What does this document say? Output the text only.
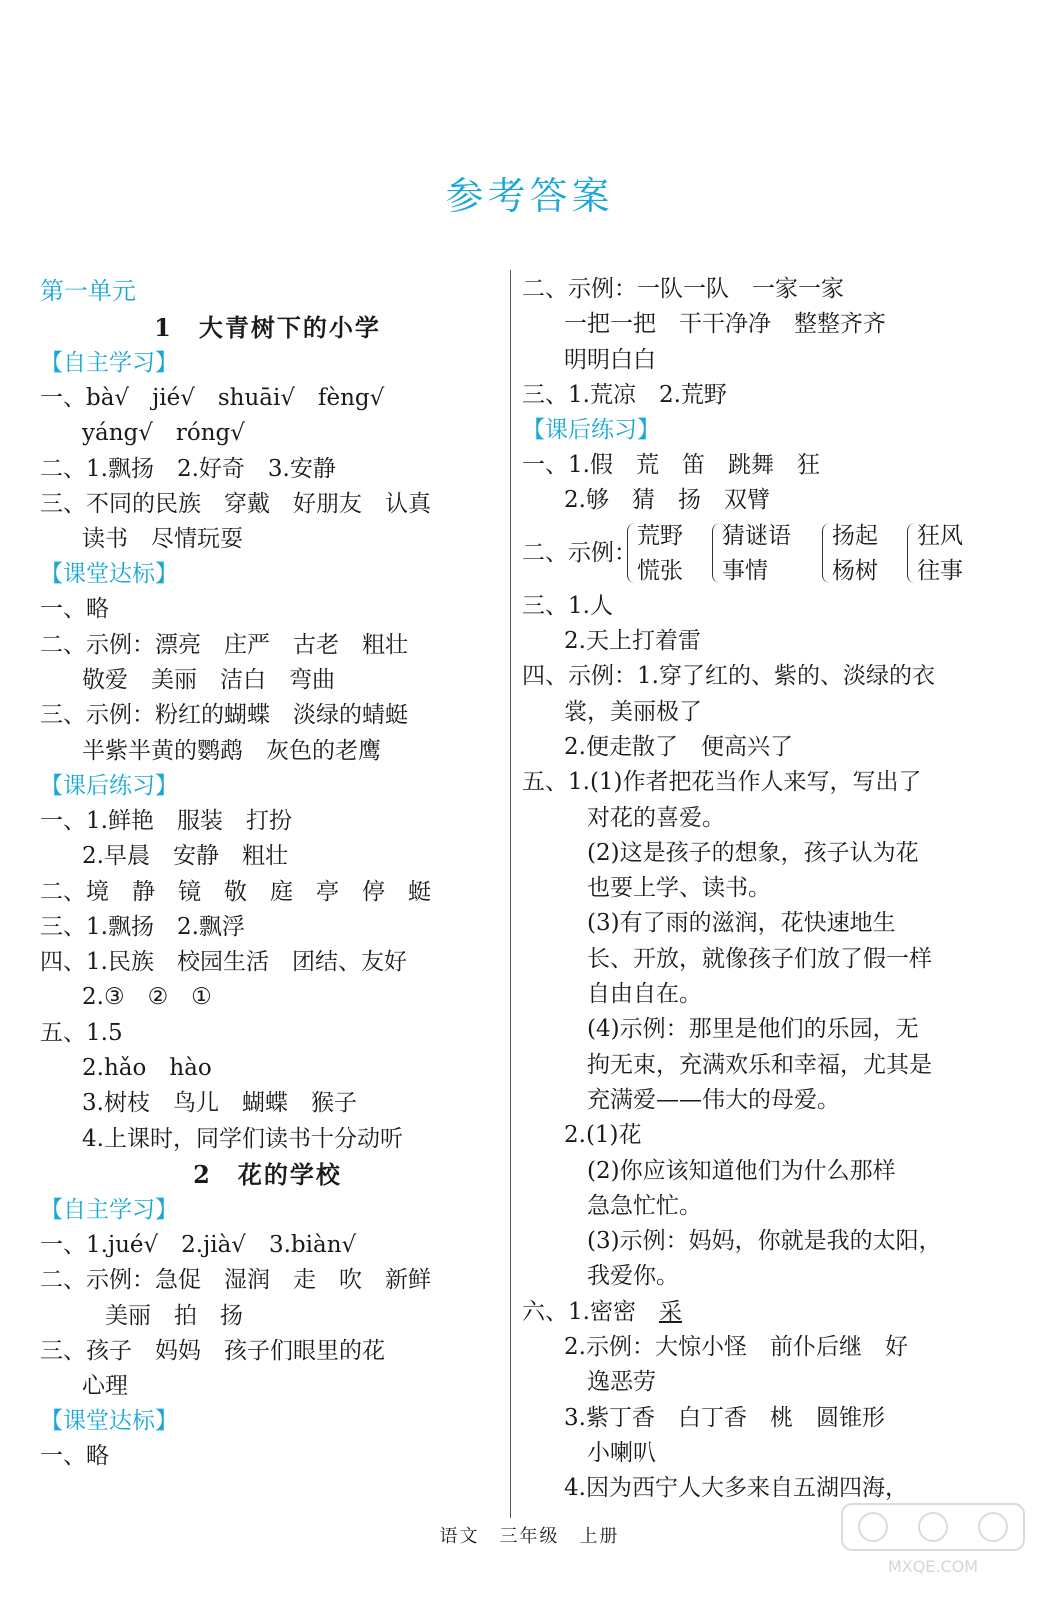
参考答案
第一单元
1　大青树下的小学
【自主学习】
一、bà√　jié√　shuāi√　fèng√
yáng√　róng√
二、1.飘扬　2.好奇　3.安静
三、不同的民族　穿戴　好朋友　认真
读书　尽情玩耍
【课堂达标】
一、略
二、示例：漂亮　庄严　古老　粗壮
敬爱　美丽　洁白　弯曲
三、示例：粉红的蝴蝶　淡绿的蜻蜓
半紫半黄的鹦鹉　灰色的老鹰
【课后练习】
一、1.鲜艳　服装　打扮
2.早晨　安静　粗壮
二、境　静　镜　敬　庭　亭　停　蜓
三、1.飘扬　2.飘浮
四、1.民族　校园生活　团结、友好
2.③　②　①
五、1.5
2.hǎo　hào
3.树枝　鸟儿　蝴蝶　猴子
4.上课时，同学们读书十分动听
2　花的学校
【自主学习】
一、1.jué√　2.jià√　3.biàn√
二、示例：急促　湿润　走　吹　新鲜
美丽　拍　扬
三、孩子　妈妈　孩子们眼里的花
心理
【课堂达标】
一、略
二、示例：一队一队　一家一家
一把一把　干干净净　整整齐齐
明明白白
三、1.荒凉　2.荒野
【课后练习】
一、1.假　荒　笛　跳舞　狂
2.够　猜　扬　双臂
二、示例：
荒野
慌张
猜谜语
事情
扬起
杨树
狂风
往事
三、1.人
2.天上打着雷
四、示例：1.穿了红的、紫的、淡绿的衣
裳，美丽极了
2.便走散了　便高兴了
五、1.(1)作者把花当作人来写，写出了
对花的喜爱。
(2)这是孩子的想象，孩子认为花
也要上学、读书。
(3)有了雨的滋润，花快速地生
长、开放，就像孩子们放了假一样
自由自在。
(4)示例：那里是他们的乐园，无
拘无束，充满欢乐和幸福，尤其是
充满爱——伟大的母爱。
2.(1)花
(2)你应该知道他们为什么那样
急急忙忙。
(3)示例：妈妈，你就是我的太阳，
我爱你。
六、1.密密　采
2.示例：大惊小怪　前仆后继　好
逸恶劳
3.紫丁香　白丁香　桃　圆锥形
小喇叭
4.因为西宁人大多来自五湖四海，
语文　三年级　上册
MXQE.COM
